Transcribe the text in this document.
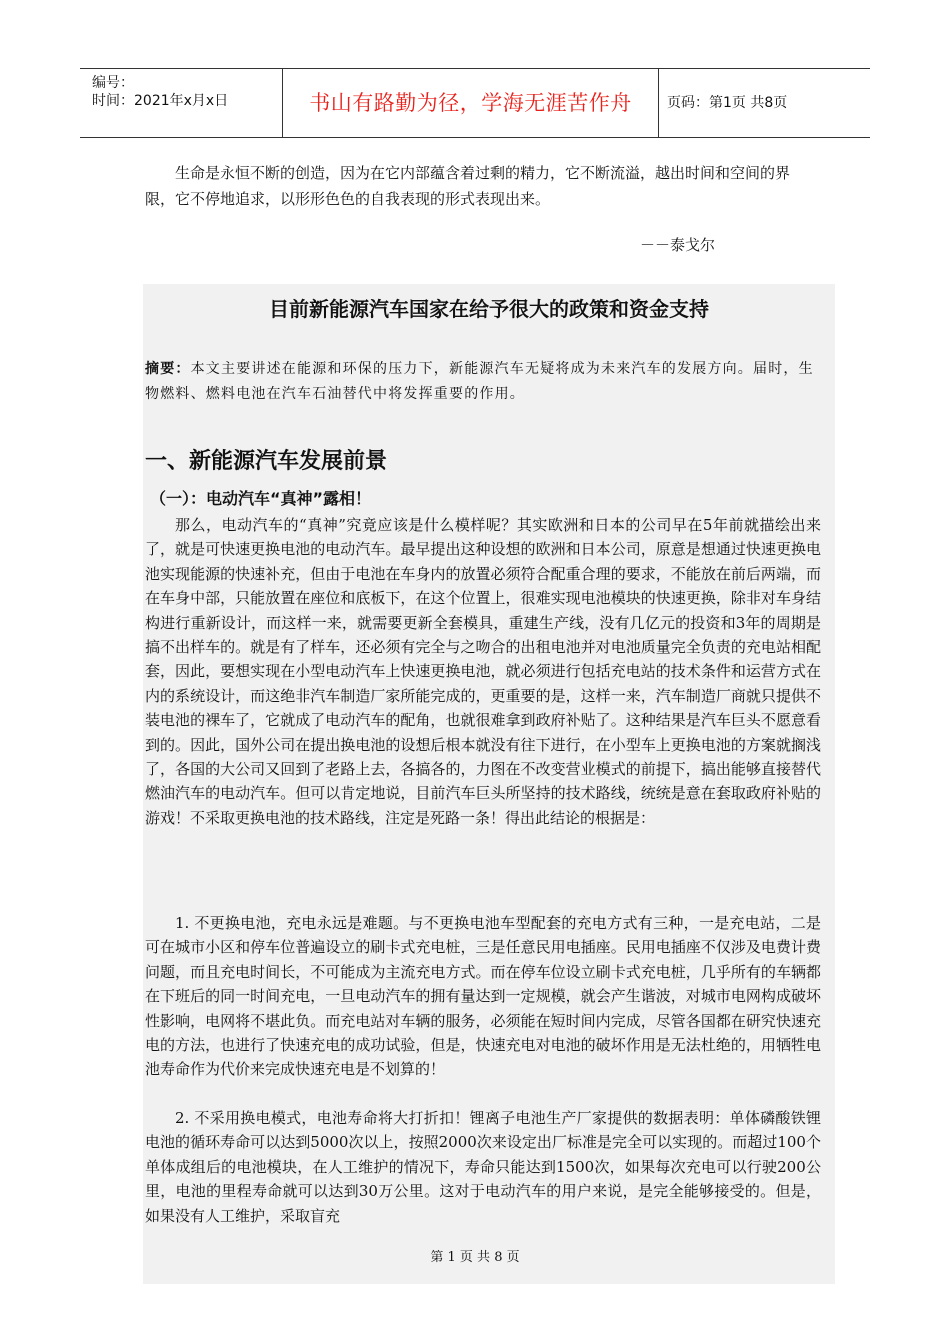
编号：
时间：2021年x月x日	书山有路勤为径，学海无涯苦作舟	页码：第1页 共8页

生命是永恒不断的创造，因为在它内部蕴含着过剩的精力，它不断流溢，越出时间和空间的界限，它不停地追求，以形形色色的自我表现的形式表现出来。

－－泰戈尔
目前新能源汽车国家在给予很大的政策和资金支持
摘要：本文主要讲述在能源和环保的压力下，新能源汽车无疑将成为未来汽车的发展方向。届时，生物燃料、燃料电池在汽车石油替代中将发挥重要的作用。
一、新能源汽车发展前景
（一）：电动汽车“真神”露相！

那么，电动汽车的“真神”究竟应该是什么模样呢？其实欧洲和日本的公司早在5年前就描绘出来了，就是可快速更换电池的电动汽车。最早提出这种设想的欧洲和日本公司，原意是想通过快速更换电池实现能源的快速补充，但由于电池在车身内的放置必须符合配重合理的要求，不能放在前后两端，而在车身中部，只能放置在座位和底板下，在这个位置上，很难实现电池模块的快速更换，除非对车身结构进行重新设计，而这样一来，就需要更新全套模具，重建生产线，没有几亿元的投资和3年的周期是搞不出样车的。就是有了样车，还必须有完全与之吻合的出租电池并对电池质量完全负责的充电站相配套，因此，要想实现在小型电动汽车上快速更换电池，就必须进行包括充电站的技术条件和运营方式在内的系统设计，而这绝非汽车制造厂家所能完成的，更重要的是，这样一来，汽车制造厂商就只提供不装电池的裸车了，它就成了电动汽车的配角，也就很难拿到政府补贴了。这种结果是汽车巨头不愿意看到的。因此，国外公司在提出换电池的设想后根本就没有往下进行，在小型车上更换电池的方案就搁浅了，各国的大公司又回到了老路上去，各搞各的，力图在不改变营业模式的前提下，搞出能够直接替代燃油汽车的电动汽车。但可以肯定地说，目前汽车巨头所坚持的技术路线，统统是意在套取政府补贴的游戏！不采取更换电池的技术路线，注定是死路一条！得出此结论的根据是：

1. 不更换电池，充电永远是难题。与不更换电池车型配套的充电方式有三种，一是充电站，二是可在城市小区和停车位普遍设立的刷卡式充电桩，三是任意民用电插座。民用电插座不仅涉及电费计费问题，而且充电时间长，不可能成为主流充电方式。而在停车位设立刷卡式充电桩，几乎所有的车辆都在下班后的同一时间充电，一旦电动汽车的拥有量达到一定规模，就会产生谐波，对城市电网构成破坏性影响，电网将不堪此负。而充电站对车辆的服务，必须能在短时间内完成，尽管各国都在研究快速充电的方法，也进行了快速充电的成功试验，但是，快速充电对电池的破坏作用是无法杜绝的，用牺牲电池寿命作为代价来完成快速充电是不划算的！

2. 不采用换电模式，电池寿命将大打折扣！锂离子电池生产厂家提供的数据表明：单体磷酸铁锂电池的循环寿命可以达到5000次以上，按照2000次来设定出厂标准是完全可以实现的。而超过100个单体成组后的电池模块，在人工维护的情况下，寿命只能达到1500次，如果每次充电可以行驶200公里，电池的里程寿命就可以达到30万公里。这对于电动汽车的用户来说，是完全能够接受的。但是，如果没有人工维护，采取盲充

第 1 页 共 8 页
